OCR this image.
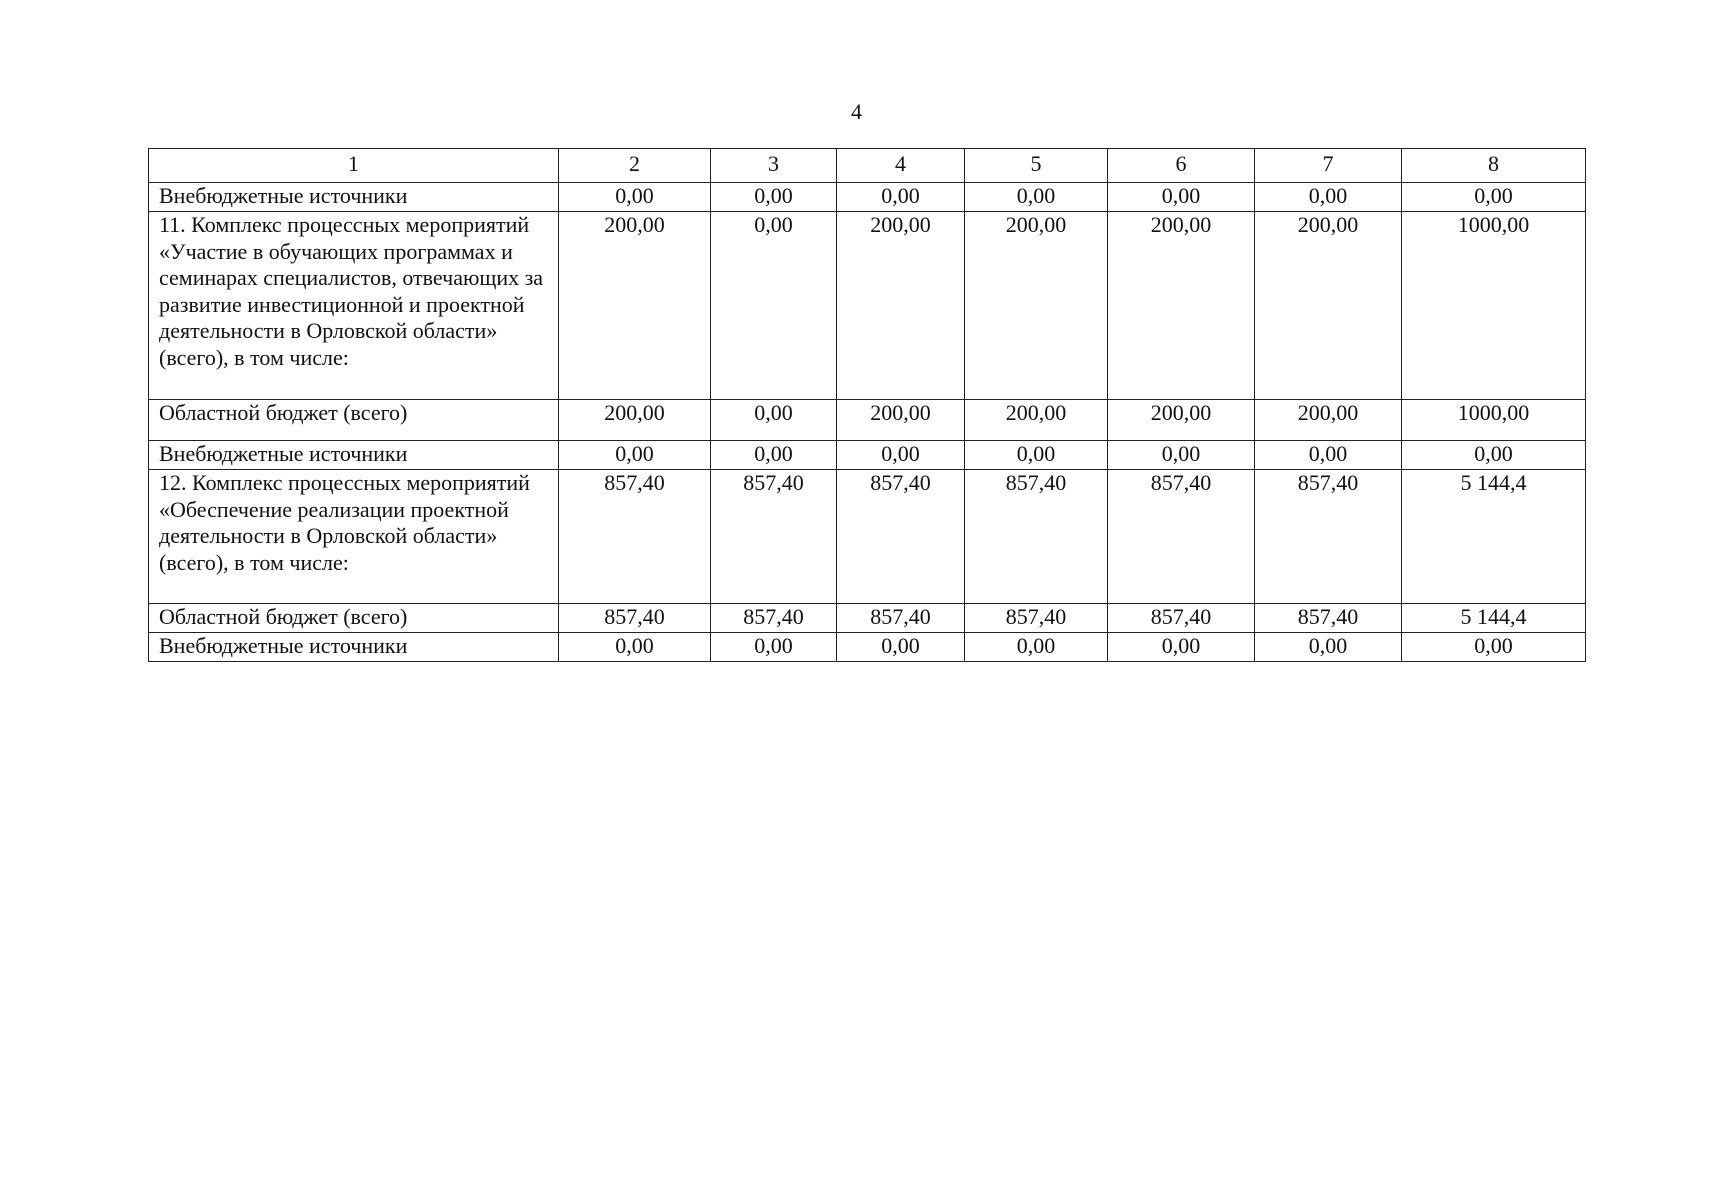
4
1	2	3	4	5	6	7	8
Внебюджетные источники	0,00	0,00	0,00	0,00	0,00	0,00	0,00
11. Комплекс процессных мероприятий «Участие в обучающих программах и семинарах специалистов, отвечающих за развитие инвестиционной и проектной деятельности в Орловской области» (всего), в том числе:	200,00	0,00	200,00	200,00	200,00	200,00	1000,00
Областной бюджет (всего)	200,00	0,00	200,00	200,00	200,00	200,00	1000,00
Внебюджетные источники	0,00	0,00	0,00	0,00	0,00	0,00	0,00
12. Комплекс процессных мероприятий «Обеспечение реализации проектной деятельности в Орловской области» (всего), в том числе:	857,40	857,40	857,40	857,40	857,40	857,40	5 144,4
Областной бюджет (всего)	857,40	857,40	857,40	857,40	857,40	857,40	5 144,4
Внебюджетные источники	0,00	0,00	0,00	0,00	0,00	0,00	0,00
